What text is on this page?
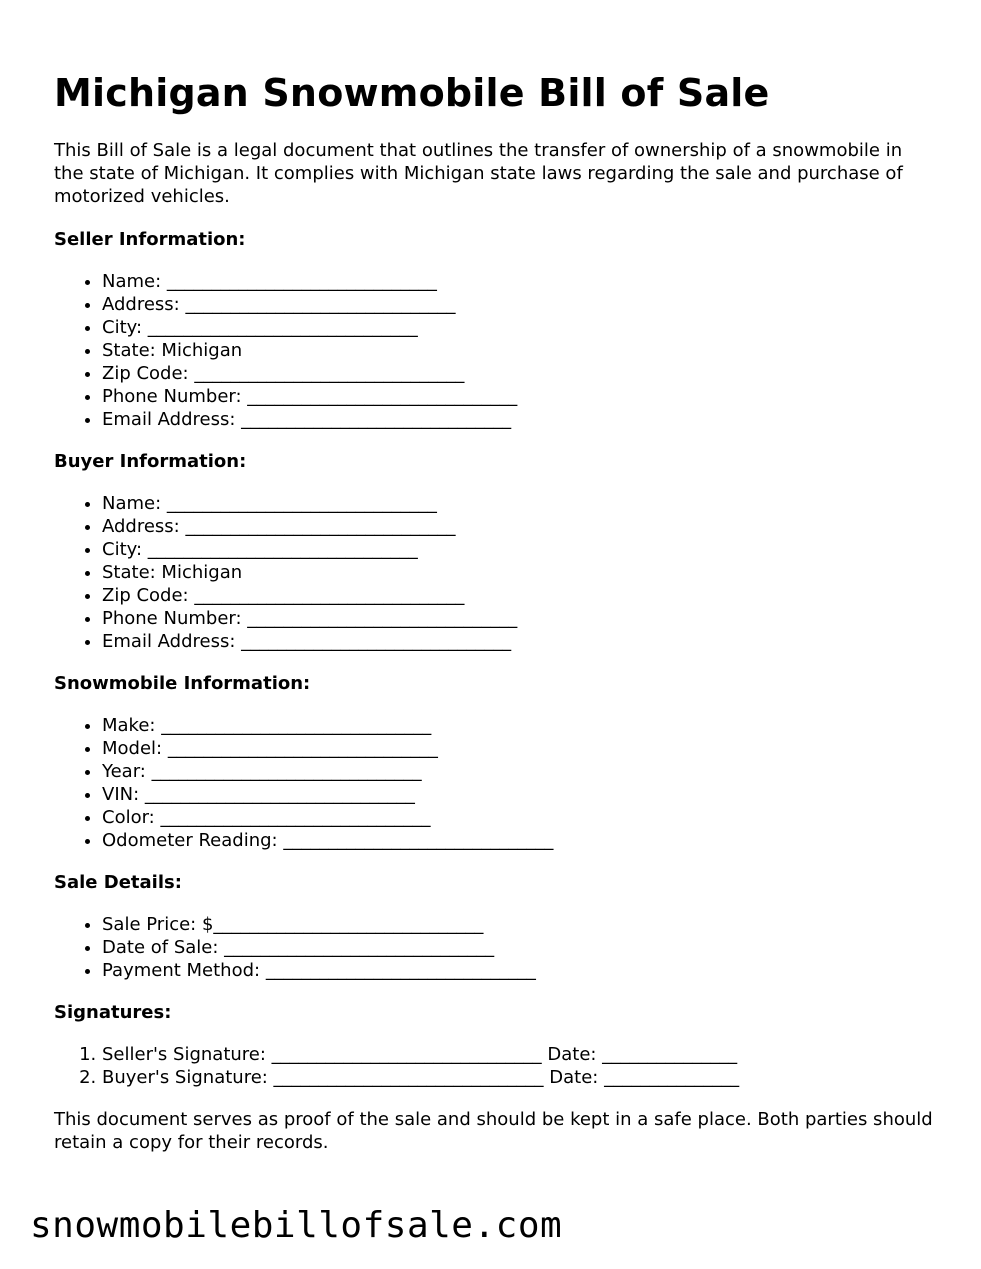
Michigan Snowmobile Bill of Sale

This Bill of Sale is a legal document that outlines the transfer of ownership of a snowmobile in the state of Michigan. It complies with Michigan state laws regarding the sale and purchase of motorized vehicles.

Seller Information:
• Name: ______________________________
• Address: ______________________________
• City: ______________________________
• State: Michigan
• Zip Code: ______________________________
• Phone Number: ______________________________
• Email Address: ______________________________
Buyer Information:
• Name: ______________________________
• Address: ______________________________
• City: ______________________________
• State: Michigan
• Zip Code: ______________________________
• Phone Number: ______________________________
• Email Address: ______________________________
Snowmobile Information:
• Make: ______________________________
• Model: ______________________________
• Year: ______________________________
• VIN: ______________________________
• Color: ______________________________
• Odometer Reading: ______________________________
Sale Details:
• Sale Price: $______________________________
• Date of Sale: ______________________________
• Payment Method: ______________________________
Signatures:
1. Seller's Signature: ______________________________ Date: _______________
2. Buyer's Signature: ______________________________ Date: _______________

This document serves as proof of the sale and should be kept in a safe place. Both parties should retain a copy for their records.

snowmobilebillofsale.com
